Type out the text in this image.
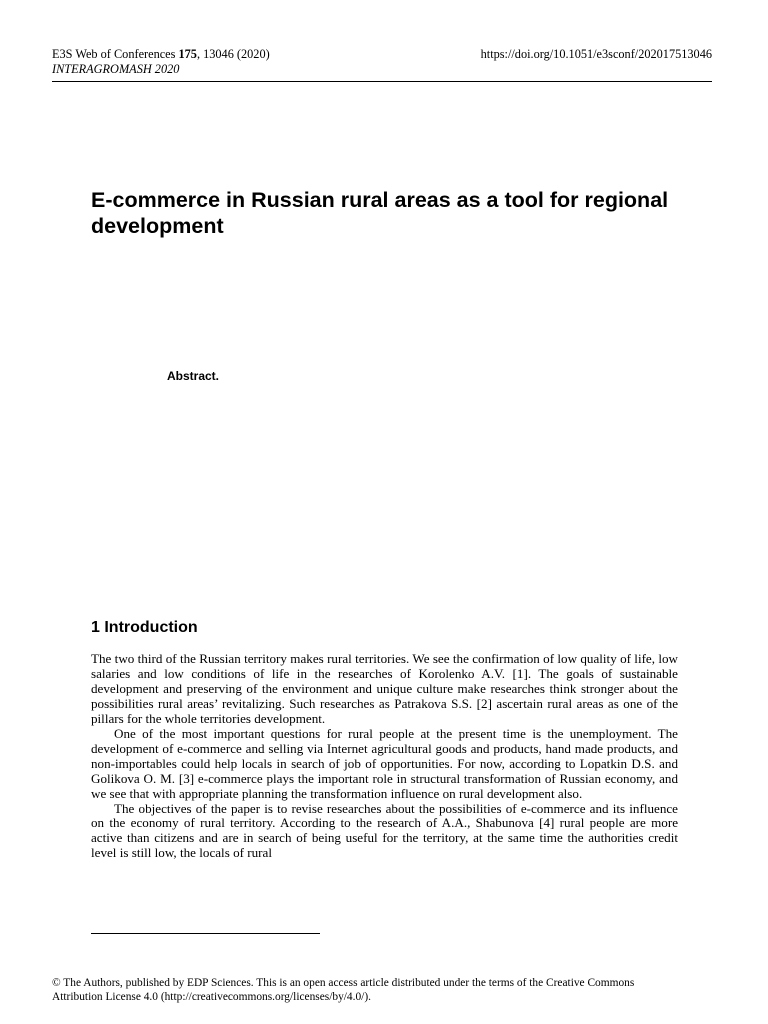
E3S Web of Conferences 175, 13046 (2020)	https://doi.org/10.1051/e3sconf/202017513046
INTERAGROMASH 2020
E-commerce in Russian rural areas as a tool for regional development
Abstract.
1 Introduction

The two third of the Russian territory makes rural territories. We see the confirmation of low quality of life, low salaries and low conditions of life in the researches of Korolenko A.V. [1]. The goals of sustainable development and preserving of the environment and unique culture make researches think stronger about the possibilities rural areas’ revitalizing. Such researches as Patrakova S.S. [2] ascertain rural areas as one of the pillars for the whole territories development.

One of the most important questions for rural people at the present time is the unemployment. The development of e-commerce and selling via Internet agricultural goods and products, hand made products, and non-importables could help locals in search of job of opportunities. For now, according to Lopatkin D.S. and Golikova O. M. [3] e-commerce plays the important role in structural transformation of Russian economy, and we see that with appropriate planning the transformation influence on rural development also.

The objectives of the paper is to revise researches about the possibilities of e-commerce and its influence on the economy of rural territory. According to the research of A.A., Shabunova [4] rural people are more active than citizens and are in search of being useful for the territory, at the same time the authorities credit level is still low, the locals of rural

© The Authors, published by EDP Sciences. This is an open access article distributed under the terms of the Creative Commons
Attribution License 4.0 (http://creativecommons.org/licenses/by/4.0/).
